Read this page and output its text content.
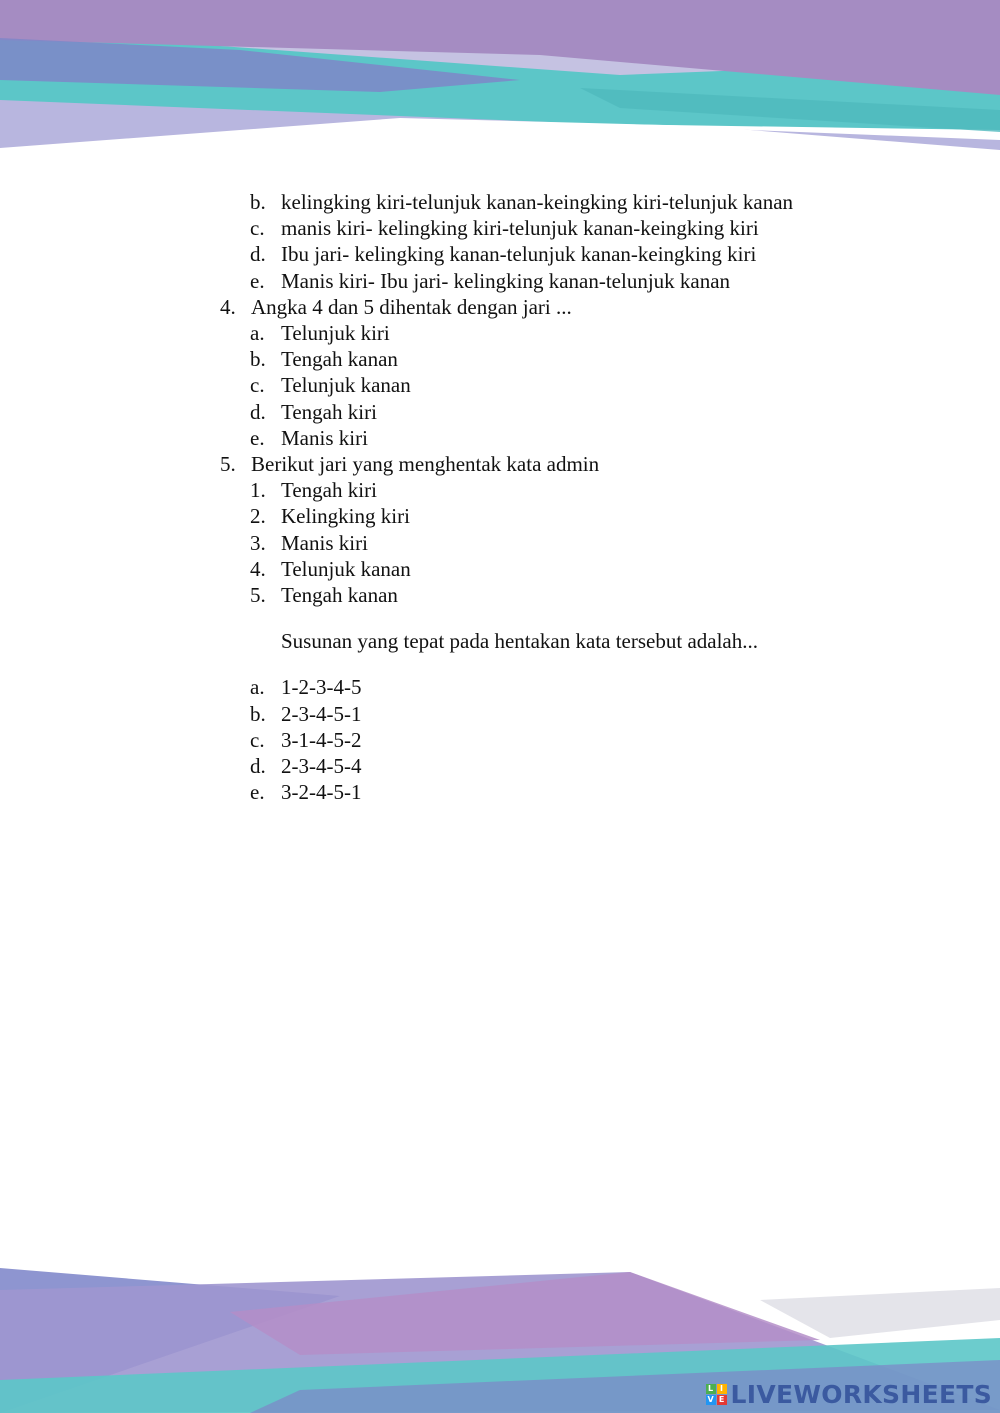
b. kelingking kiri-telunjuk kanan-keingking kiri-telunjuk kanan
c. manis kiri- kelingking kiri-telunjuk kanan-keingking kiri
d. Ibu jari- kelingking kanan-telunjuk kanan-keingking kiri
e. Manis kiri- Ibu jari- kelingking kanan-telunjuk kanan
4. Angka 4 dan 5 dihentak dengan jari ...
a. Telunjuk kiri
b. Tengah kanan
c. Telunjuk kanan
d. Tengah kiri
e. Manis kiri
5. Berikut jari yang menghentak kata admin
1. Tengah kiri
2. Kelingking kiri
3. Manis kiri
4. Telunjuk kanan
5. Tengah kanan
Susunan yang tepat pada hentakan kata tersebut adalah...
a. 1-2-3-4-5
b. 2-3-4-5-1
c. 3-1-4-5-2
d. 2-3-4-5-4
e. 3-2-4-5-1
L I
V E LIVEWORKSHEETS
